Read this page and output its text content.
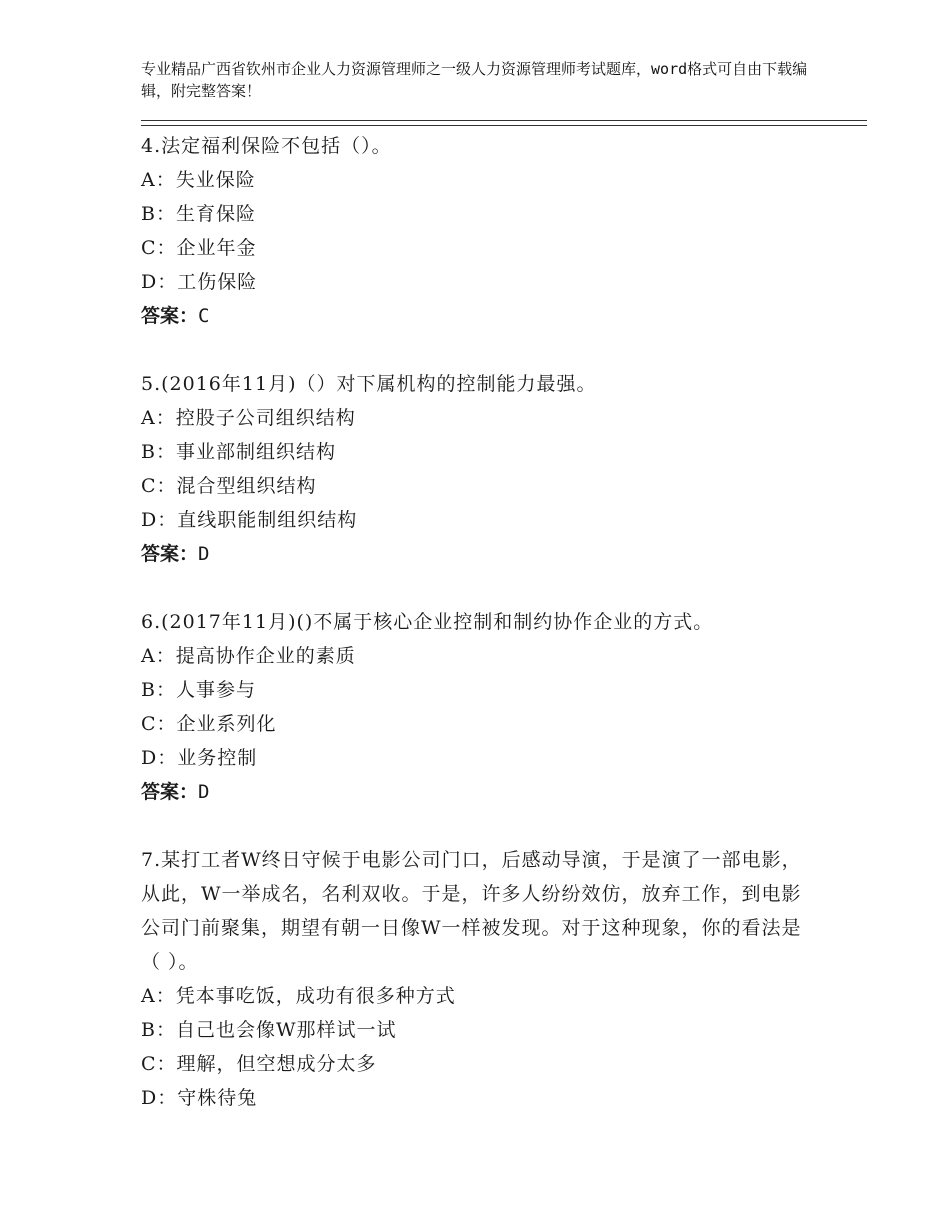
专业精品广西省钦州市企业人力资源管理师之一级人力资源管理师考试题库，word格式可自由下载编辑，附完整答案！
4.法定福利保险不包括（）。
A：失业保险
B：生育保险
C：企业年金
D：工伤保险
答案：C
5.(2016年11月)（）对下属机构的控制能力最强。
A：控股子公司组织结构
B：事业部制组织结构
C：混合型组织结构
D：直线职能制组织结构
答案：D
6.(2017年11月)()不属于核心企业控制和制约协作企业的方式。
A：提高协作企业的素质
B：人事参与
C：企业系列化
D：业务控制
答案：D
7.某打工者W终日守候于电影公司门口，后感动导演，于是演了一部电影，从此，W一举成名，名利双收。于是，许多人纷纷效仿，放弃工作，到电影公司门前聚集，期望有朝一日像W一样被发现。对于这种现象，你的看法是（ ）。
A：凭本事吃饭，成功有很多种方式
B：自己也会像W那样试一试
C：理解，但空想成分太多
D：守株待兔
